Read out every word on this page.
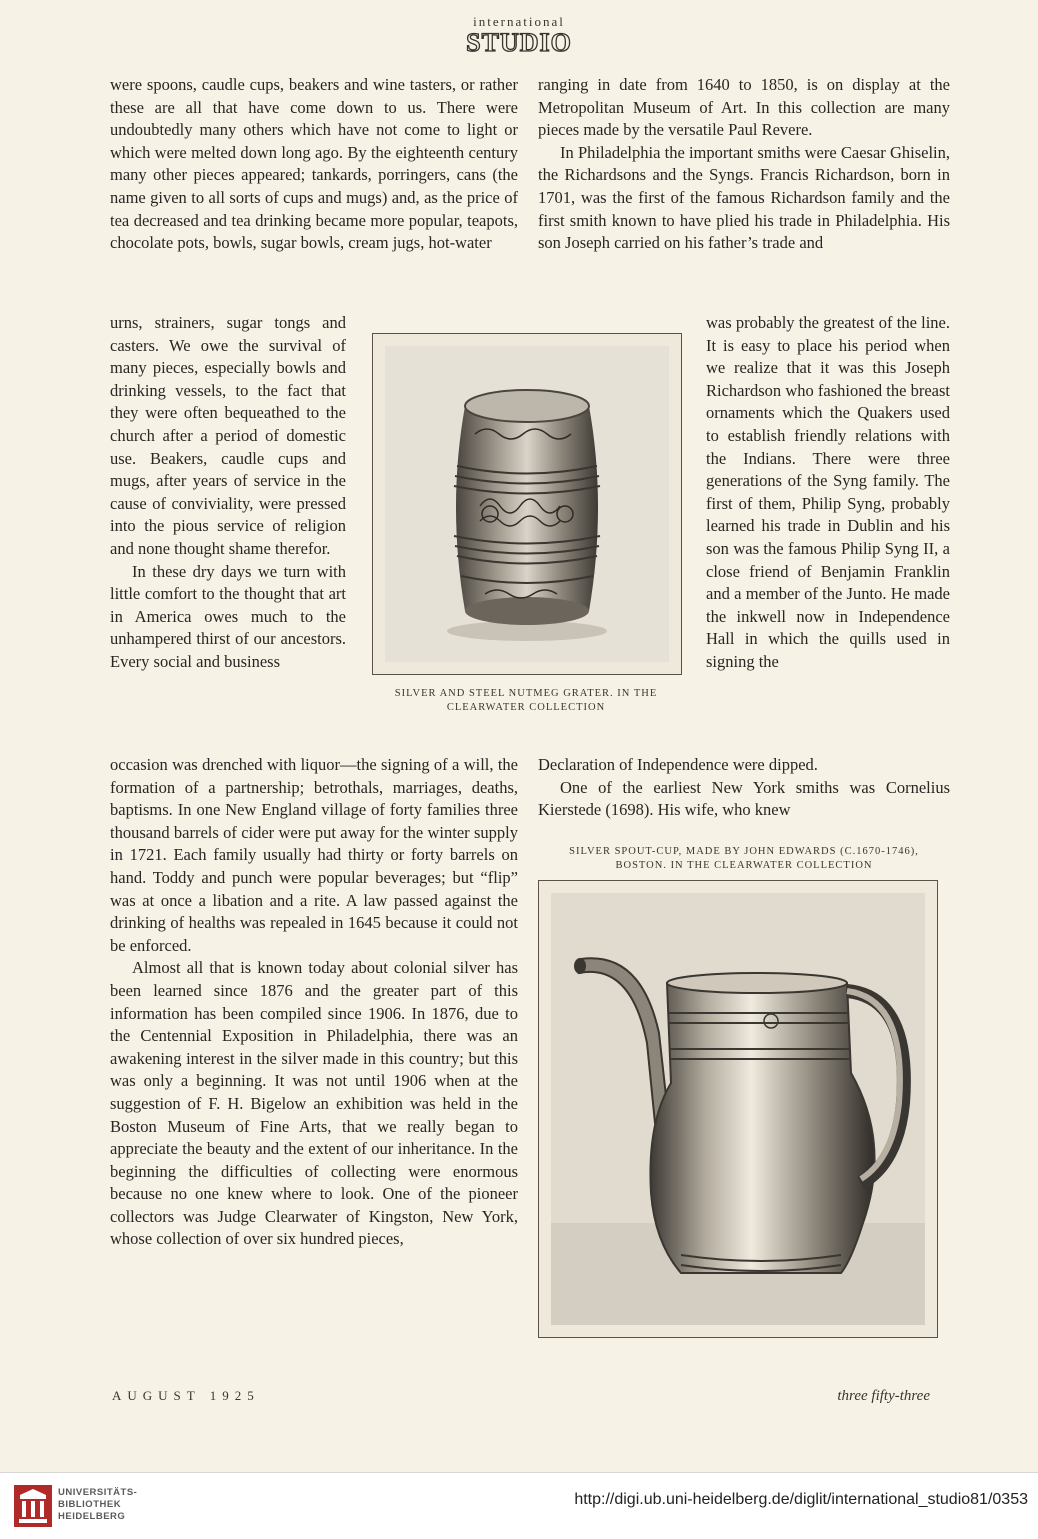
international
STUDIO

were spoons, caudle cups, beakers and wine tasters, or rather these are all that have come down to us. There were undoubtedly many others which have not come to light or which were melted down long ago. By the eighteenth century many other pieces appeared; tankards, porringers, cans (the name given to all sorts of cups and mugs) and, as the price of tea decreased and tea drinking became more popular, teapots, chocolate pots, bowls, sugar bowls, cream jugs, hot-water

urns, strainers, sugar tongs and casters. We owe the survival of many pieces, especially bowls and drinking vessels, to the fact that they were often bequeathed to the church after a period of domestic use. Beakers, caudle cups and mugs, after years of service in the cause of conviviality, were pressed into the pious service of religion and none thought shame therefor.

In these dry days we turn with little comfort to the thought that art in America owes much to the unhampered thirst of our ancestors. Every social and business

occasion was drenched with liquor—the signing of a will, the formation of a partnership; betrothals, marriages, deaths, baptisms. In one New England village of forty families three thousand barrels of cider were put away for the winter supply in 1721. Each family usually had thirty or forty barrels on hand. Toddy and punch were popular beverages; but “flip” was at once a libation and a rite. A law passed against the drinking of healths was repealed in 1645 because it could not be enforced.

Almost all that is known today about colonial silver has been learned since 1876 and the greater part of this information has been compiled since 1906. In 1876, due to the Centennial Exposition in Philadelphia, there was an awakening interest in the silver made in this country; but this was only a beginning. It was not until 1906 when at the suggestion of F. H. Bigelow an exhibition was held in the Boston Museum of Fine Arts, that we really began to appreciate the beauty and the extent of our inheritance. In the beginning the difficulties of collecting were enormous because no one knew where to look. One of the pioneer collectors was Judge Clearwater of Kingston, New York, whose collection of over six hundred pieces,

ranging in date from 1640 to 1850, is on display at the Metropolitan Museum of Art. In this collection are many pieces made by the versatile Paul Revere.

In Philadelphia the important smiths were Caesar Ghiselin, the Richardsons and the Syngs. Francis Richardson, born in 1701, was the first of the famous Richardson family and the first smith known to have plied his trade in Philadelphia. His son Joseph carried on his father’s trade and

was probably the greatest of the line. It is easy to place his period when we realize that it was this Joseph Richardson who fashioned the breast ornaments which the Quakers used to establish friendly relations with the Indians. There were three generations of the Syng family. The first of them, Philip Syng, probably learned his trade in Dublin and his son was the famous Philip Syng II, a close friend of Benjamin Franklin and a member of the Junto. He made the inkwell now in Independence Hall in which the quills used in signing the

Declaration of Independence were dipped.

One of the earliest New York smiths was Cornelius Kierstede (1698). His wife, who knew

SILVER AND STEEL NUTMEG GRATER. IN THE
CLEARWATER COLLECTION
SILVER SPOUT-CUP, MADE BY JOHN EDWARDS (C.1670-1746),
BOSTON. IN THE CLEARWATER COLLECTION
AUGUST 1925	three fifty-three
UNIVERSITÄTS-
BIBLIOTHEK
HEIDELBERG
http://digi.ub.uni-heidelberg.de/diglit/international_studio81/0353
